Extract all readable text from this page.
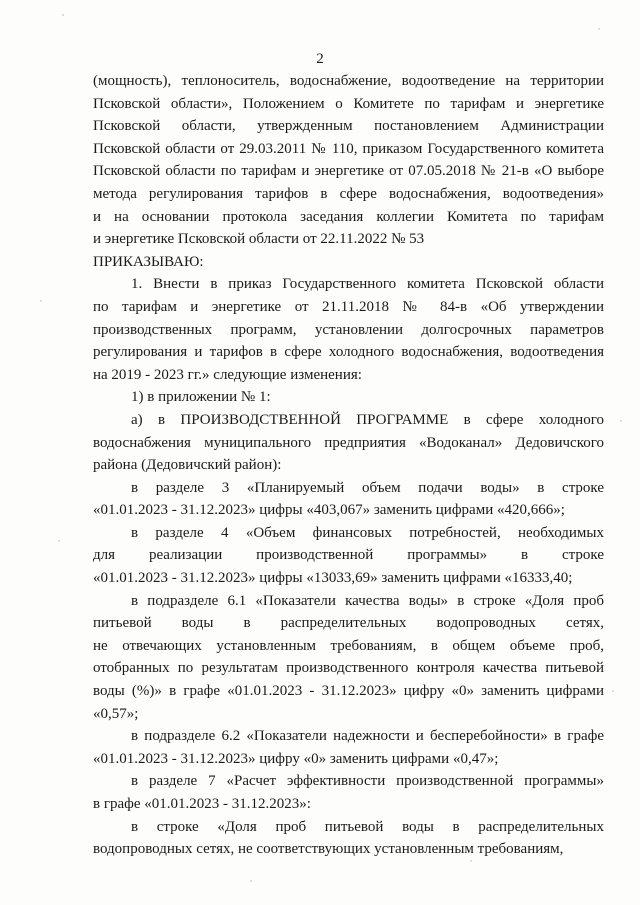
2

(мощность), теплоноситель, водоснабжение, водоотведение на территории

Псковской области», Положением о Комитете по тарифам и энергетике

Псковской области, утвержденным постановлением Администрации

Псковской области от 29.03.2011 № 110, приказом Государственного комитета

Псковской области по тарифам и энергетике от 07.05.2018 № 21-в «О выборе

метода регулирования тарифов в сфере водоснабжения, водоотведения»

и на основании протокола заседания коллегии Комитета по тарифам

и энергетике Псковской области от 22.11.2022 № 53

ПРИКАЗЫВАЮ:

1. Внести в приказ Государственного комитета Псковской области

по тарифам и энергетике от 21.11.2018 № 84-в «Об утверждении

производственных программ, установлении долгосрочных параметров

регулирования и тарифов в сфере холодного водоснабжения, водоотведения

на 2019 - 2023 гг.» следующие изменения:

1) в приложении № 1:

а) в ПРОИЗВОДСТВЕННОЙ ПРОГРАММЕ в сфере холодного

водоснабжения муниципального предприятия «Водоканал» Дедовичского

района (Дедовичский район):

в разделе 3 «Планируемый объем подачи воды» в строке

«01.01.2023 - 31.12.2023» цифры «403,067» заменить цифрами «420,666»;

в разделе 4 «Объем финансовых потребностей, необходимых

для реализации производственной программы» в строке

«01.01.2023 - 31.12.2023» цифры «13033,69» заменить цифрами «16333,40;

в подразделе 6.1 «Показатели качества воды» в строке «Доля проб

питьевой воды в распределительных водопроводных сетях,

не отвечающих установленным требованиям, в общем объеме проб,

отобранных по результатам производственного контроля качества питьевой

воды (%)» в графе «01.01.2023 - 31.12.2023» цифру «0» заменить цифрами

«0,57»;

в подразделе 6.2 «Показатели надежности и бесперебойности» в графе

«01.01.2023 - 31.12.2023» цифру «0» заменить цифрами «0,47»;

в разделе 7 «Расчет эффективности производственной программы»

в графе «01.01.2023 - 31.12.2023»:

в строке «Доля проб питьевой воды в распределительных

водопроводных сетях, не соответствующих установленным требованиям,
